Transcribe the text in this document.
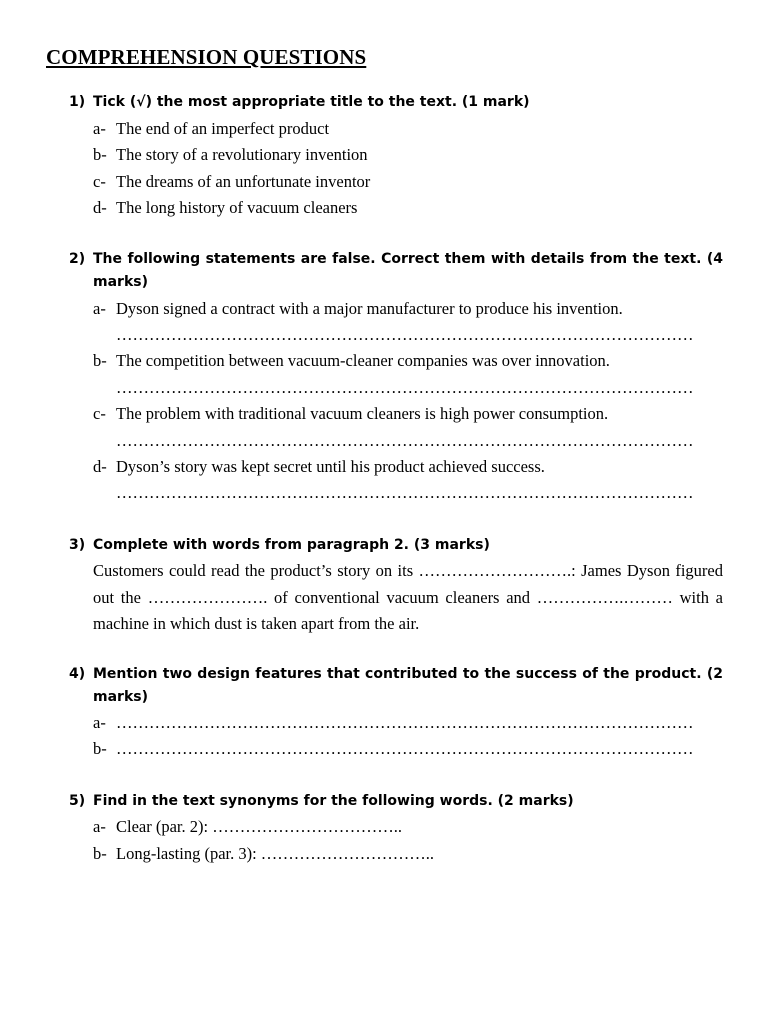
COMPREHENSION QUESTIONS
1) Tick (√) the most appropriate title to the text. (1 mark)
a- The end of an imperfect product
b- The story of a revolutionary invention
c- The dreams of an unfortunate inventor
d- The long history of vacuum cleaners
2) The following statements are false. Correct them with details from the text. (4 marks)
a- Dyson signed a contract with a major manufacturer to produce his invention.
……………………………………………………………………………………………
b- The competition between vacuum-cleaner companies was over innovation.
……………………………………………………………………………………………
c- The problem with traditional vacuum cleaners is high power consumption.
……………………………………………………………………………………………
d- Dyson’s story was kept secret until his product achieved success.
……………………………………………………………………………………………
3) Complete with words from paragraph 2. (3 marks)
Customers could read the product’s story on its ……………………….: James Dyson figured out the …………………. of conventional vacuum cleaners and …………….……… with a machine in which dust is taken apart from the air.
4) Mention two design features that contributed to the success of the product. (2 marks)
a- ……………………………………………………………………………………………
b- ……………………………………………………………………………………………
5) Find in the text synonyms for the following words. (2 marks)
a- Clear (par. 2): ……………………………..
b- Long-lasting (par. 3): …………………………..
